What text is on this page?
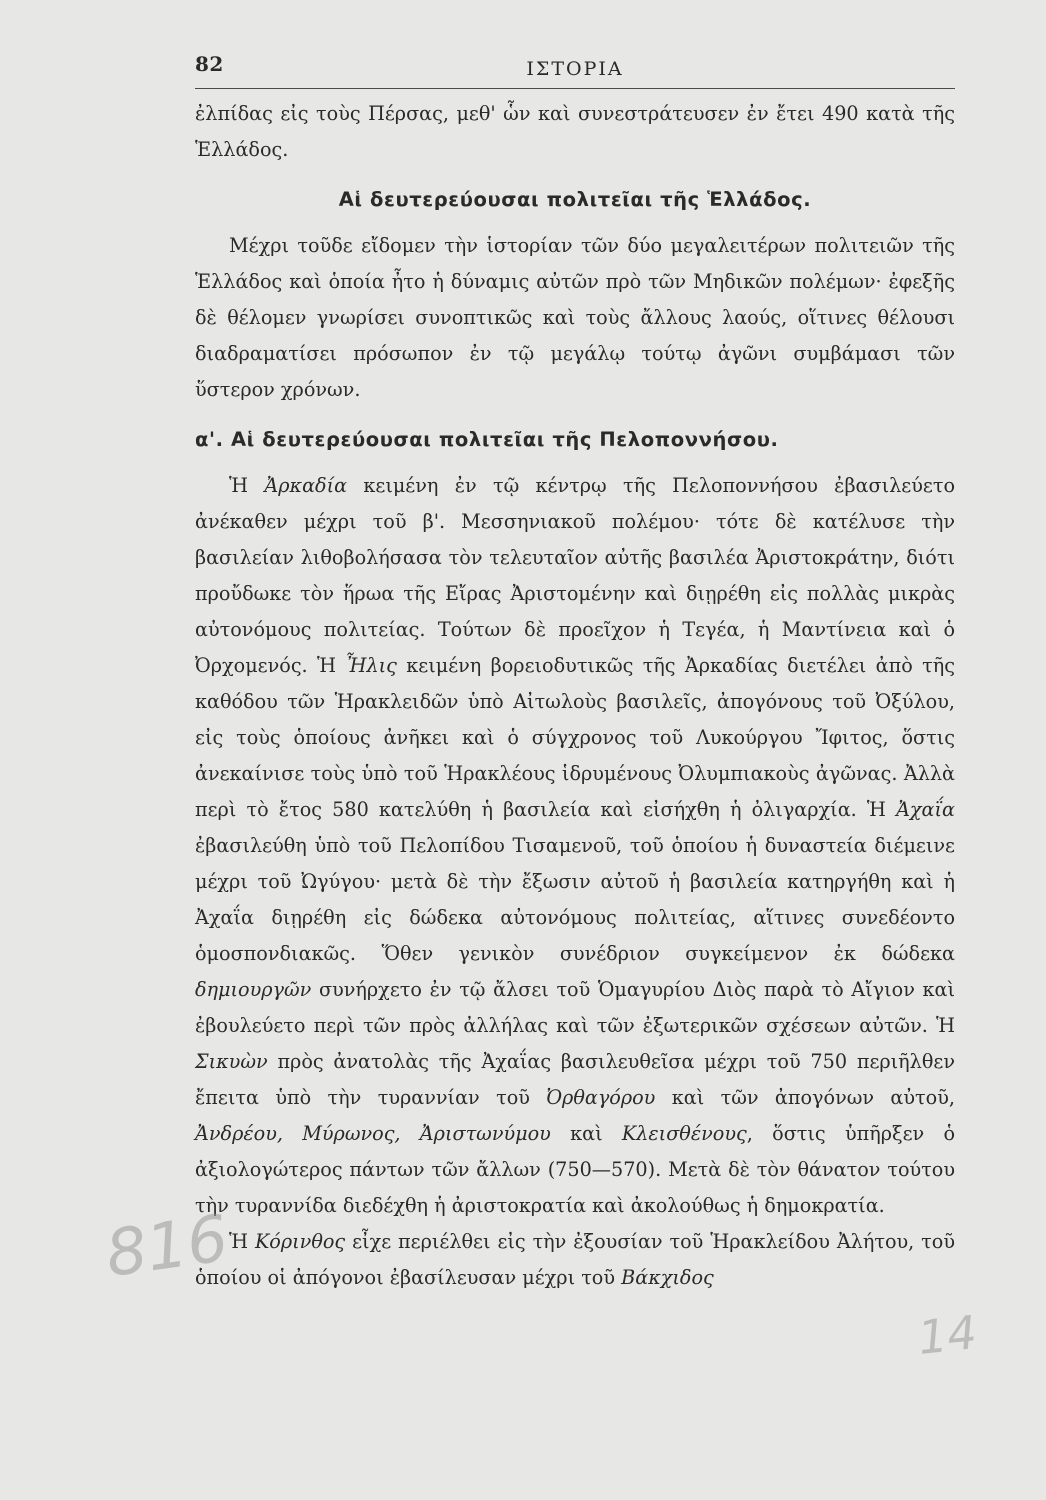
82	ΙΣΤΟΡΙΑ

ἐλπίδας εἰς τοὺς Πέρσας, μεθ' ὧν καὶ συνεστράτευσεν ἐν ἔτει 490 κατὰ τῆς Ἑλλάδος.

Αἱ δευτερεύουσαι πολιτεῖαι τῆς Ἑλλάδος.

Μέχρι τοῦδε εἴδομεν τὴν ἱστορίαν τῶν δύο μεγαλειτέρων πολιτειῶν τῆς Ἑλλάδος καὶ ὁποία ἦτο ἡ δύναμις αὐτῶν πρὸ τῶν Μηδικῶν πολέμων· ἐφεξῆς δὲ θέλομεν γνωρίσει συνοπτικῶς καὶ τοὺς ἄλλους λαούς, οἵτινες θέλουσι διαδραματίσει πρόσωπον ἐν τῷ μεγάλῳ τούτῳ ἀγῶνι συμβάμασι τῶν ὕστερον χρόνων.

α'. Αἱ δευτερεύουσαι πολιτεῖαι τῆς Πελοποννήσου.

Ἡ Ἀρκαδία κειμένη ἐν τῷ κέντρῳ τῆς Πελοποννήσου ἐβασιλεύετο ἀνέκαθεν μέχρι τοῦ β'. Μεσσηνιακοῦ πολέμου· τότε δὲ κατέλυσε τὴν βασιλείαν λιθοβολήσασα τὸν τελευταῖον αὐτῆς βασιλέα Ἀριστοκράτην, διότι προὔδωκε τὸν ἥρωα τῆς Εἴρας Ἀριστομένην καὶ διῃρέθη εἰς πολλὰς μικρὰς αὐτονόμους πολιτείας. Τούτων δὲ προεῖχον ἡ Τεγέα, ἡ Μαντίνεια καὶ ὁ Ὀρχομενός. Ἡ Ἦλις κειμένη βορειοδυτικῶς τῆς Ἀρκαδίας διετέλει ἀπὸ τῆς καθόδου τῶν Ἡρακλειδῶν ὑπὸ Αἰτωλοὺς βασιλεῖς, ἀπογόνους τοῦ Ὀξύλου, εἰς τοὺς ὁποίους ἀνῆκει καὶ ὁ σύγχρονος τοῦ Λυκούργου Ἴφιτος, ὅστις ἀνεκαίνισε τοὺς ὑπὸ τοῦ Ἡρακλέους ἱδρυμένους Ὀλυμπιακοὺς ἀγῶνας. Ἀλλὰ περὶ τὸ ἔτος 580 κατελύθη ἡ βασιλεία καὶ εἰσήχθη ἡ ὀλιγαρχία. Ἡ Ἀχαΐα ἐβασιλεύθη ὑπὸ τοῦ Πελοπίδου Τισαμενοῦ, τοῦ ὁποίου ἡ δυναστεία διέμεινε μέχρι τοῦ Ὠγύγου· μετὰ δὲ τὴν ἔξωσιν αὐτοῦ ἡ βασιλεία κατηργήθη καὶ ἡ Ἀχαΐα διῃρέθη εἰς δώδεκα αὐτονόμους πολιτείας, αἵτινες συνεδέοντο ὁμοσπονδιακῶς. Ὅθεν γενικὸν συνέδριον συγκείμενον ἐκ δώδεκα δημιουργῶν συνήρχετο ἐν τῷ ἄλσει τοῦ Ὁμαγυρίου Διὸς παρὰ τὸ Αἴγιον καὶ ἐβουλεύετο περὶ τῶν πρὸς ἀλλήλας καὶ τῶν ἐξωτερικῶν σχέσεων αὐτῶν. Ἡ Σικυὼν πρὸς ἀνατολὰς τῆς Ἀχαΐας βασιλευθεῖσα μέχρι τοῦ 750 περιῆλθεν ἔπειτα ὑπὸ τὴν τυραννίαν τοῦ Ὀρθαγόρου καὶ τῶν ἀπογόνων αὐτοῦ, Ἀνδρέου, Μύρωνος, Ἀριστωνύμου καὶ Κλεισθένους, ὅστις ὑπῆρξεν ὁ ἀξιολογώτερος πάντων τῶν ἄλλων (750—570). Μετὰ δὲ τὸν θάνατον τούτου τὴν τυραννίδα διεδέχθη ἡ ἀριστοκρατία καὶ ἀκολούθως ἡ δημοκρατία.

Ἡ Κόρινθος εἶχε περιέλθει εἰς τὴν ἐξουσίαν τοῦ Ἡρακλείδου Ἀλήτου, τοῦ ὁποίου οἱ ἀπόγονοι ἐβασίλευσαν μέχρι τοῦ Βάκχιδος

816
14
